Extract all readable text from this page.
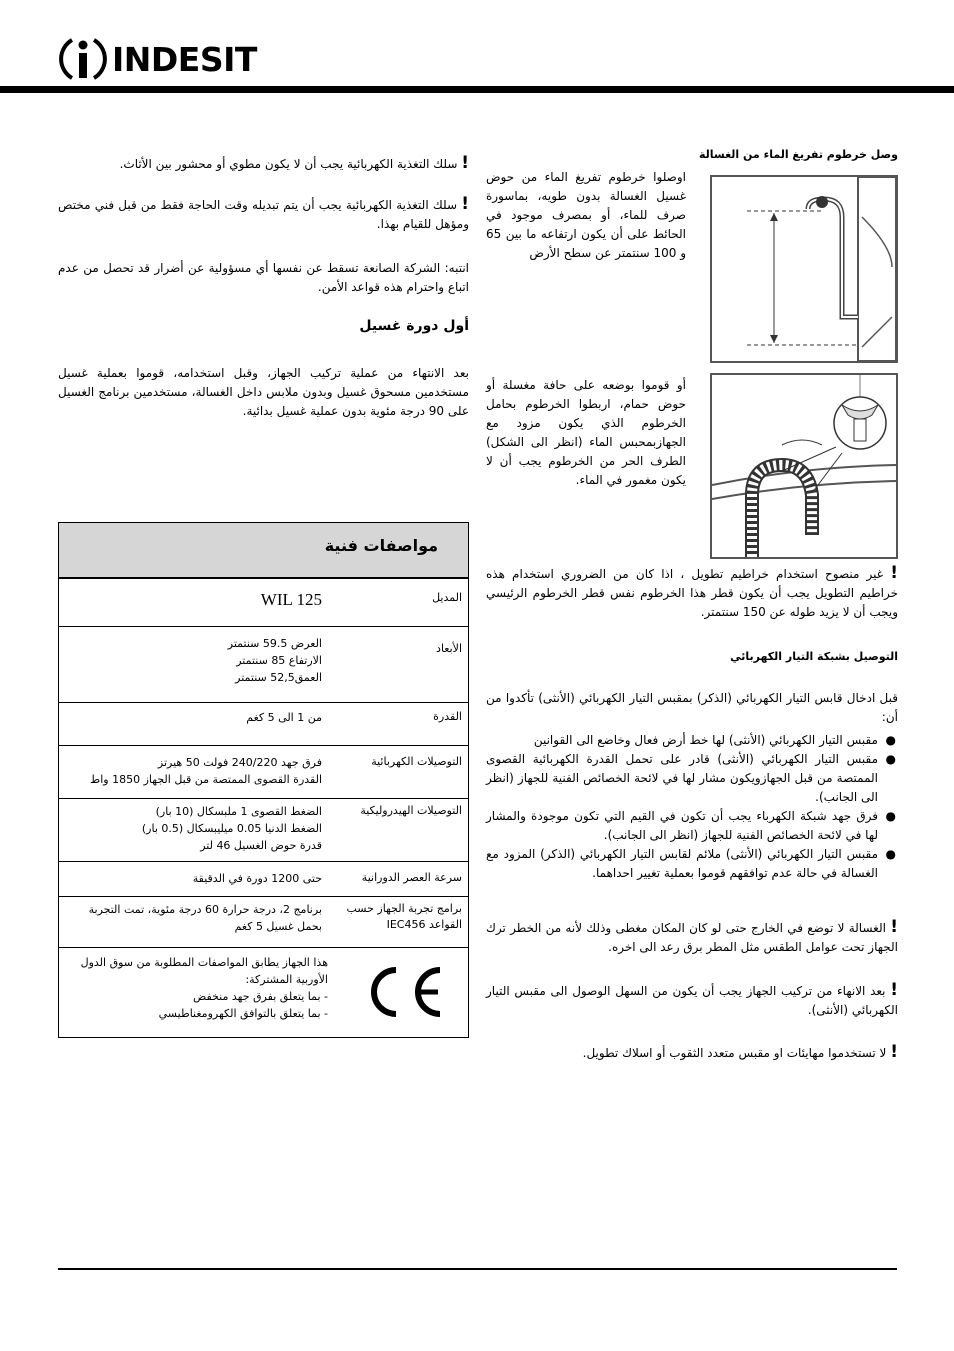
INDESIT
! سلك التغذية الكهربائية يجب أن لا يكون مطوي أو محشور بين الأثاث.
! سلك التغذية الكهربائية يجب أن يتم تبديله وقت الحاجة فقط من قبل فني مختص ومؤهل للقيام بهذا.
انتبه: الشركة الصانعة تسقط عن نفسها أي مسؤولية عن أضرار قد تحصل من عدم اتباع واحترام هذه قواعد الأمن.
أول دورة غسيل
بعد الانتهاء من عملية تركيب الجهاز، وقبل استخدامه، قوموا بعملية غسيل مستخدمين مسحوق غسيل وبدون ملابس داخل الغسالة، مستخدمين برنامج الغسيل على 90 درجة مئوية بدون عملية غسيل بدائية.
مواصفات فنية
المديل
WIL 125
الأبعاد
العرض 59.5 سنتمتر
الارتفاع 85 سنتمتر
العمق52,5 سنتمتر
القدرة
من 1 الى 5 كغم
التوصيلات الكهربائية
فرق جهد 240/220 فولت 50 هيرتز
القدرة القصوى الممتصة من قبل الجهاز 1850 واط
التوصيلات الهيدروليكية
الضغط القصوى 1 ملبسكال (10 بار)
الضغط الدنيا 0.05 ميليبسكال (0.5 بار)
قدرة حوض الغسيل 46 لتر
سرعة العصر الدورانية
حتى 1200 دورة في الدقيقة
برامج تجربة الجهاز حسب القواعد IEC456
برنامج 2، درجة حرارة 60 درجة مئوية، تمت التجربة بحمل غسيل 5 كغم
هذا الجهاز يطابق المواصفات المطلوبة من سوق الدول الأوربية المشتركة:
- بما يتعلق بفرق جهد منخفض
- بما يتعلق بالتوافق الكهرومغناطيسي
وصل خرطوم تفريغ الماء من الغسالة
اوصلوا خرطوم تفريغ الماء من حوض غسيل الغسالة بدون طويه، بماسورة صرف للماء، أو بمصرف موجود في الحائط على أن يكون ارتفاعه ما بين 65 و 100 سنتمتر عن سطح الأرض
أو قوموا بوضعه على حافة مغسلة أو حوض حمام، اربطوا الخرطوم بحامل الخرطوم الذي يكون مزود مع الجهازبمحبس الماء (انظر الى الشكل) الطرف الحر من الخرطوم يجب أن لا يكون مغمور في الماء.
! غير منصوح استخدام خراطيم تطويل ، اذا كان من الضروري استخدام هذه خراطيم التطويل يجب أن يكون قطر هذا الخرطوم نفس قطر الخرطوم الرئيسي ويجب أن لا يزيد طوله عن 150 سنتمتر.
التوصيل بشبكة التيار الكهربائي
قبل ادخال قابس التيار الكهربائي (الذكر) بمقبس التيار الكهربائي (الأنثى) تأكدوا من أن:
●
مقبس التيار الكهربائي (الأنثى) لها خط أرض فعال وخاضع الى القوانين
●
مقبس التيار الكهربائي (الأنثى) قادر على تحمل القدرة الكهربائية القصوى الممتصة من قبل الجهازويكون مشار لها في لائحة الخصائص الفنية للجهاز (انظر الى الجانب).
●
فرق جهد شبكة الكهرباء يجب أن تكون في القيم التي تكون موجودة والمشار لها في لائحة الخصائص الفنية للجهاز (انظر الى الجانب).
●
مقبس التيار الكهربائي (الأنثى) ملائم لقابس التيار الكهربائي (الذكر) المزود مع الغسالة في حالة عدم توافقهم قوموا بعملية تغيير احداهما.
! الغسالة لا توضع في الخارج حتى لو كان المكان مغطى وذلك لأنه من الخطر ترك الجهاز تحت عوامل الطقس مثل المطر برق رعد الى اخره.
! بعد الانهاء من تركيب الجهاز يجب أن يكون من السهل الوصول الى مقبس التيار الكهربائي (الأنثى).
! لا تستخدموا مهايئات او مقبس متعدد الثقوب أو اسلاك تطويل.
